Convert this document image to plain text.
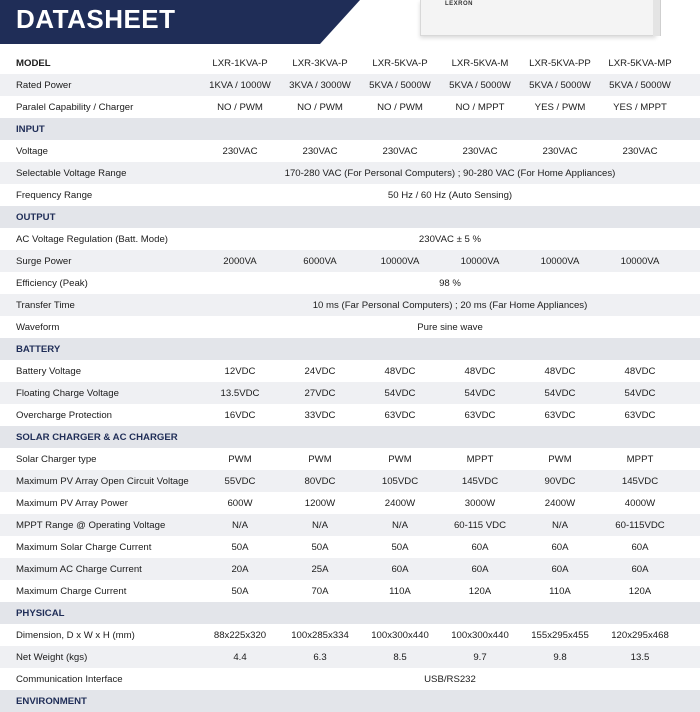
DATASHEET	LEXRON
MODEL	LXR-1KVA-P	LXR-3KVA-P	LXR-5KVA-P	LXR-5KVA-M	LXR-5KVA-PP	LXR-5KVA-MP
Rated Power	1KVA / 1000W	3KVA / 3000W	5KVA / 5000W	5KVA / 5000W	5KVA / 5000W	5KVA / 5000W
Paralel Capability / Charger	NO / PWM	NO / PWM	NO / PWM	NO / MPPT	YES / PWM	YES / MPPT
INPUT
Voltage	230VAC	230VAC	230VAC	230VAC	230VAC	230VAC
Selectable Voltage Range	170-280 VAC (For Personal Computers) ; 90-280 VAC (For Home Appliances)
Frequency Range	50 Hz / 60 Hz (Auto Sensing)
OUTPUT
AC Voltage Regulation (Batt. Mode)	230VAC ± 5 %
Surge Power	2000VA	6000VA	10000VA	10000VA	10000VA	10000VA
Efficiency (Peak)	98 %
Transfer Time	10 ms (Far Personal Computers) ; 20 ms (Far Home Appliances)
Waveform	Pure sine wave
BATTERY
Battery Voltage	12VDC	24VDC	48VDC	48VDC	48VDC	48VDC
Floating Charge Voltage	13.5VDC	27VDC	54VDC	54VDC	54VDC	54VDC
Overcharge Protection	16VDC	33VDC	63VDC	63VDC	63VDC	63VDC
SOLAR CHARGER & AC CHARGER
Solar Charger type	PWM	PWM	PWM	MPPT	PWM	MPPT
Maximum PV Array Open Circuit Voltage	55VDC	80VDC	105VDC	145VDC	90VDC	145VDC
Maximum PV Array Power	600W	1200W	2400W	3000W	2400W	4000W
MPPT Range @ Operating Voltage	N/A	N/A	N/A	60-115 VDC	N/A	60-115VDC
Maximum Solar Charge Current	50A	50A	50A	60A	60A	60A
Maximum AC Charge Current	20A	25A	60A	60A	60A	60A
Maximum Charge Current	50A	70A	110A	120A	110A	120A
PHYSICAL
Dimension, D x W x H (mm)	88x225x320	100x285x334	100x300x440	100x300x440	155x295x455	120x295x468
Net Weight (kgs)	4.4	6.3	8.5	9.7	9.8	13.5
Communication Interface	USB/RS232
ENVIRONMENT
